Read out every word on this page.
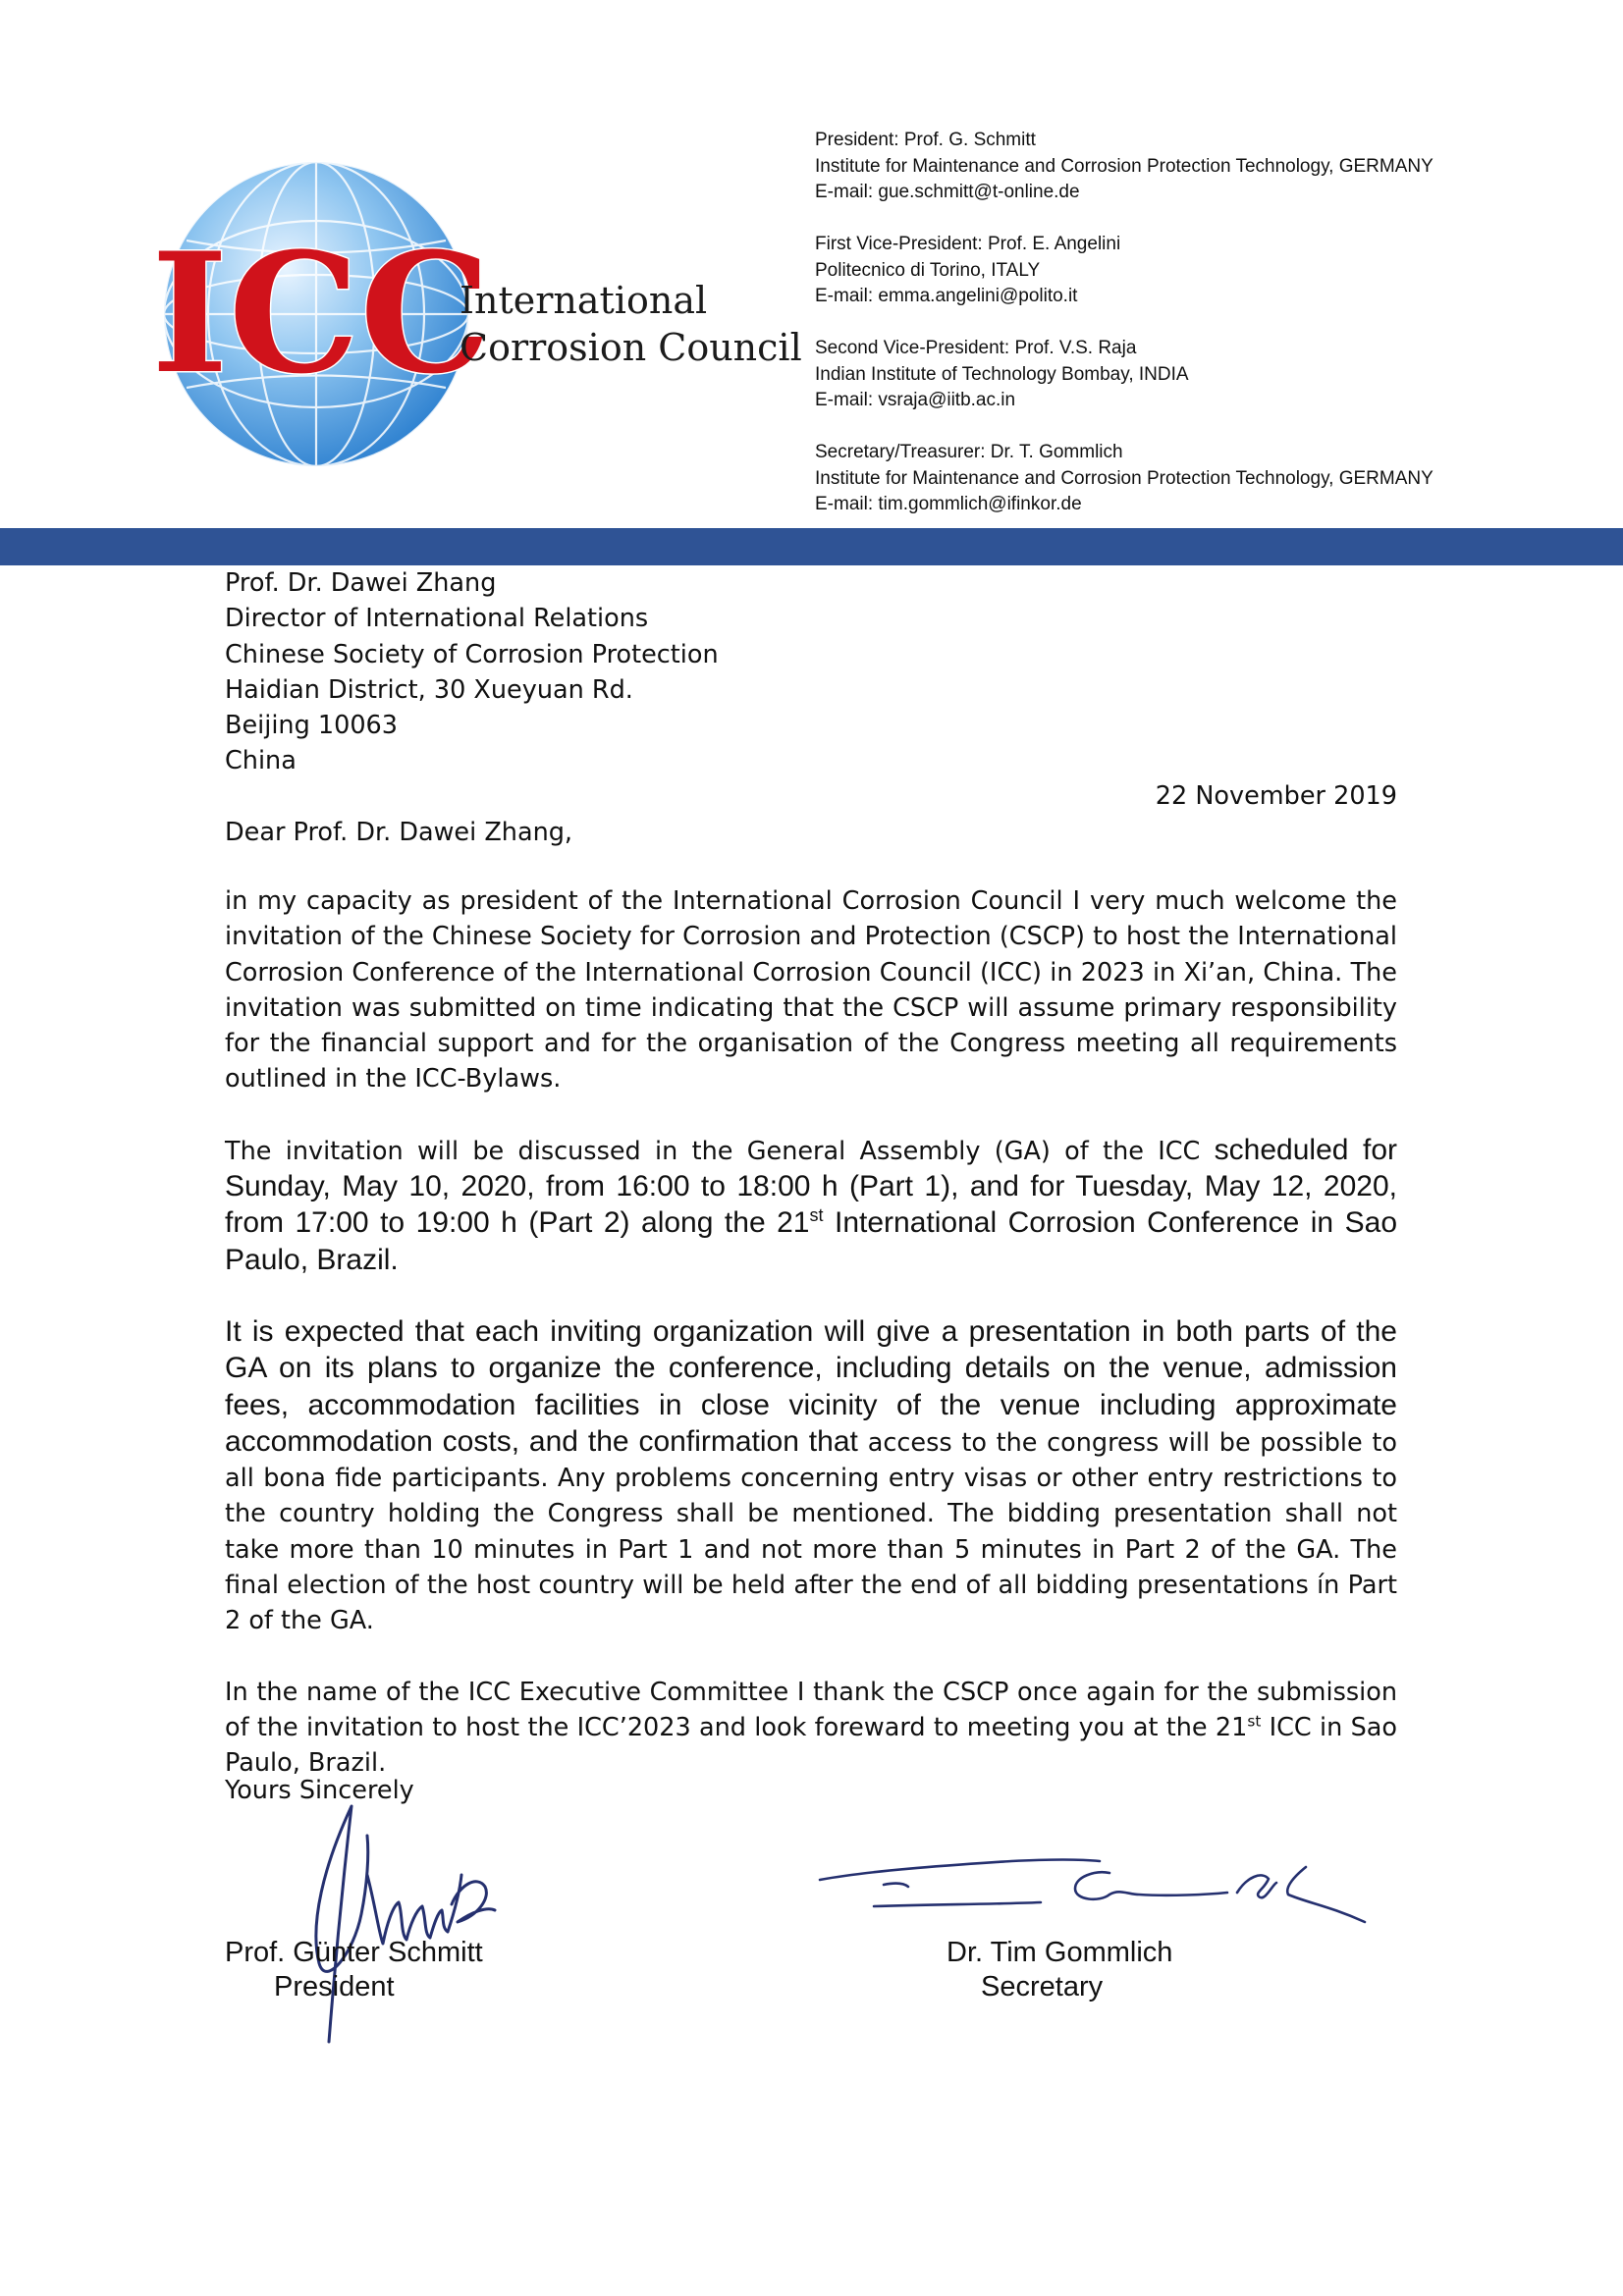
ICC
International
Corrosion Council
President: Prof. G. Schmitt
Institute for Maintenance and Corrosion Protection Technology, GERMANY
E-mail: gue.schmitt@t-online.de
First Vice-President: Prof. E. Angelini
Politecnico di Torino, ITALY
E-mail: emma.angelini@polito.it
Second Vice-President: Prof. V.S. Raja
Indian Institute of Technology Bombay, INDIA
E-mail: vsraja@iitb.ac.in
Secretary/Treasurer: Dr. T. Gommlich
Institute for Maintenance and Corrosion Protection Technology, GERMANY
E-mail: tim.gommlich@ifinkor.de
Prof. Dr. Dawei Zhang
Director of International Relations
Chinese Society of Corrosion Protection
Haidian District, 30 Xueyuan Rd.
Beijing 10063
China
22 November 2019
Dear Prof. Dr. Dawei Zhang,

in my capacity as president of the International Corrosion Council I very much welcome the invitation of the Chinese Society for Corrosion and Protection (CSCP) to host the International Corrosion Conference of the International Corrosion Council (ICC) in 2023 in Xi’an, China. The invitation was submitted on time indicating that the CSCP will assume primary responsibility for the financial support and for the organisation of the Congress meeting all requirements outlined in the ICC-Bylaws.

The invitation will be discussed in the General Assembly (GA) of the ICC scheduled for Sunday, May 10, 2020, from 16:00 to 18:00 h (Part 1), and for Tuesday, May 12, 2020, from 17:00 to 19:00 h (Part 2) along the 21st International Corrosion Conference in Sao Paulo, Brazil.

It is expected that each inviting organization will give a presentation in both parts of the GA on its plans to organize the conference, including details on the venue, admission fees, accommodation facilities in close vicinity of the venue including approximate accommodation costs, and the confirmation that access to the congress will be possible to all bona fide participants. Any problems concerning entry visas or other entry restrictions to the country holding the Congress shall be mentioned. The bidding presentation shall not take more than 10 minutes in Part 1 and not more than 5 minutes in Part 2 of the GA. The final election of the host country will be held after the end of all bidding presentations ín Part 2 of the GA.

In the name of the ICC Executive Committee I thank the CSCP once again for the submission of the invitation to host the ICC’2023 and look foreward to meeting you at the 21st ICC in Sao Paulo, Brazil.

Yours Sincerely
Prof. Günter Schmitt
President
Dr. Tim Gommlich
Secretary
